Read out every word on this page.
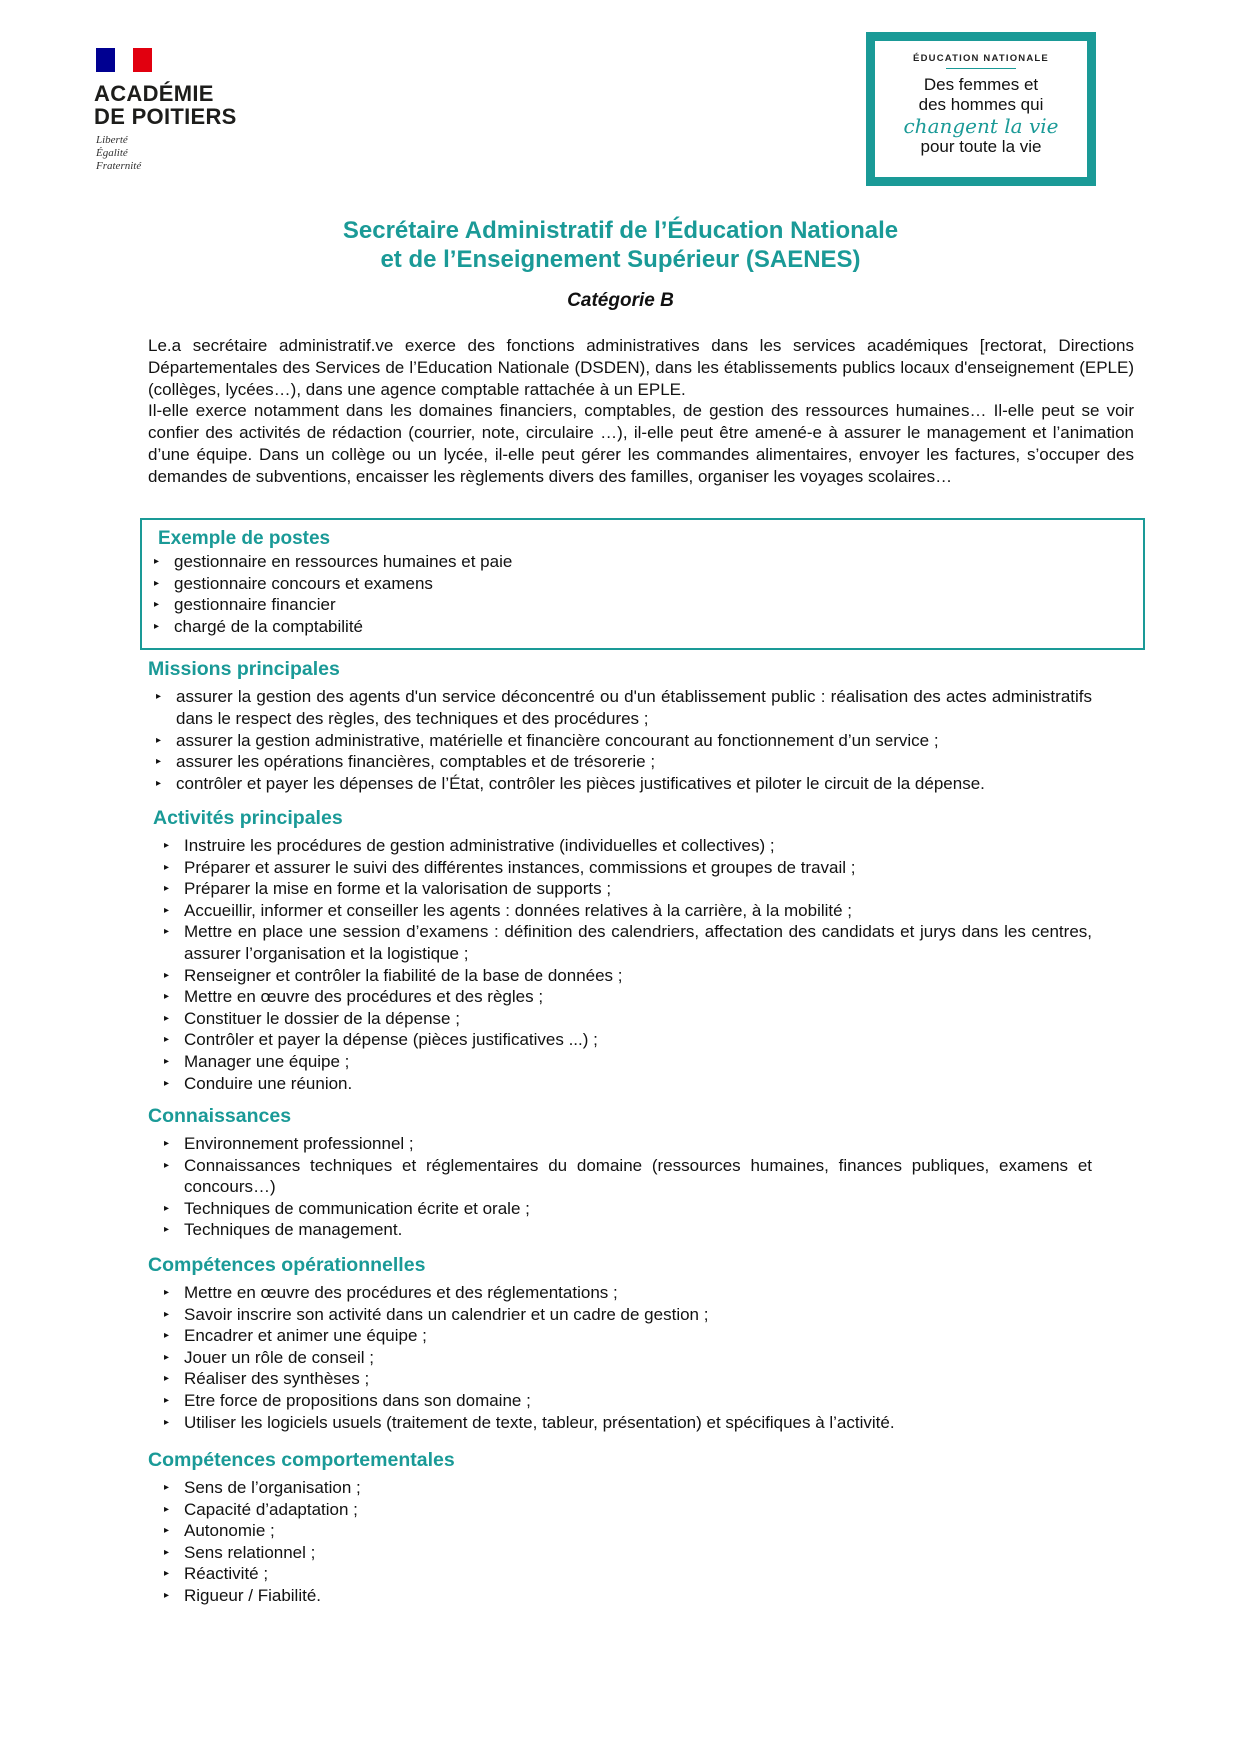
ACADÉMIE
DE POITIERS
Liberté
Égalité
Fraternité
ÉDUCATION NATIONALE
Des femmes et
des hommes qui
changent la vie
pour toute la vie
Secrétaire Administratif de l’Éducation Nationale
et de l’Enseignement Supérieur (SAENES)
Catégorie B

Le.a secrétaire administratif.ve exerce des fonctions administratives dans les services académiques [rectorat, Directions Départementales des Services de l’Education Nationale (DSDEN), dans les établissements publics locaux d'enseignement (EPLE) (collèges, lycées…), dans une agence comptable rattachée à un EPLE.

Il-elle exerce notamment dans les domaines financiers, comptables, de gestion des ressources humaines… Il-elle peut se voir confier des activités de rédaction (courrier, note, circulaire …), il-elle peut être amené-e à assurer le management et l’animation d’une équipe. Dans un collège ou un lycée, il-elle peut gérer les commandes alimentaires, envoyer les factures, s’occuper des demandes de subventions, encaisser les règlements divers des familles, organiser les voyages scolaires…

Exemple de postes
▸ gestionnaire en ressources humaines et paie
▸ gestionnaire concours et examens
▸ gestionnaire financier
▸ chargé de la comptabilité
Missions principales
▸ assurer la gestion des agents d'un service déconcentré ou d'un établissement public : réalisation des actes administratifs dans le respect des règles, des techniques et des procédures ;
▸ assurer la gestion administrative, matérielle et financière concourant au fonctionnement d’un service ;
▸ assurer les opérations financières, comptables et de trésorerie ;
▸ contrôler et payer les dépenses de l’État, contrôler les pièces justificatives et piloter le circuit de la dépense.
Activités principales
▸ Instruire les procédures de gestion administrative (individuelles et collectives) ;
▸ Préparer et assurer le suivi des différentes instances, commissions et groupes de travail ;
▸ Préparer la mise en forme et la valorisation de supports ;
▸ Accueillir, informer et conseiller les agents : données relatives à la carrière, à la mobilité ;
▸ Mettre en place une session d’examens : définition des calendriers, affectation des candidats et jurys dans les centres, assurer l’organisation et la logistique ;
▸ Renseigner et contrôler la fiabilité de la base de données ;
▸ Mettre en œuvre des procédures et des règles ;
▸ Constituer le dossier de la dépense ;
▸ Contrôler et payer la dépense (pièces justificatives ...) ;
▸ Manager une équipe ;
▸ Conduire une réunion.
Connaissances
▸ Environnement professionnel ;
▸ Connaissances techniques et réglementaires du domaine (ressources humaines, finances publiques, examens et concours…)
▸ Techniques de communication écrite et orale ;
▸ Techniques de management.
Compétences opérationnelles
▸ Mettre en œuvre des procédures et des réglementations ;
▸ Savoir inscrire son activité dans un calendrier et un cadre de gestion ;
▸ Encadrer et animer une équipe ;
▸ Jouer un rôle de conseil ;
▸ Réaliser des synthèses ;
▸ Etre force de propositions dans son domaine ;
▸ Utiliser les logiciels usuels (traitement de texte, tableur, présentation) et spécifiques à l’activité.
Compétences comportementales
▸ Sens de l’organisation ;
▸ Capacité d’adaptation ;
▸ Autonomie ;
▸ Sens relationnel ;
▸ Réactivité ;
▸ Rigueur / Fiabilité.
